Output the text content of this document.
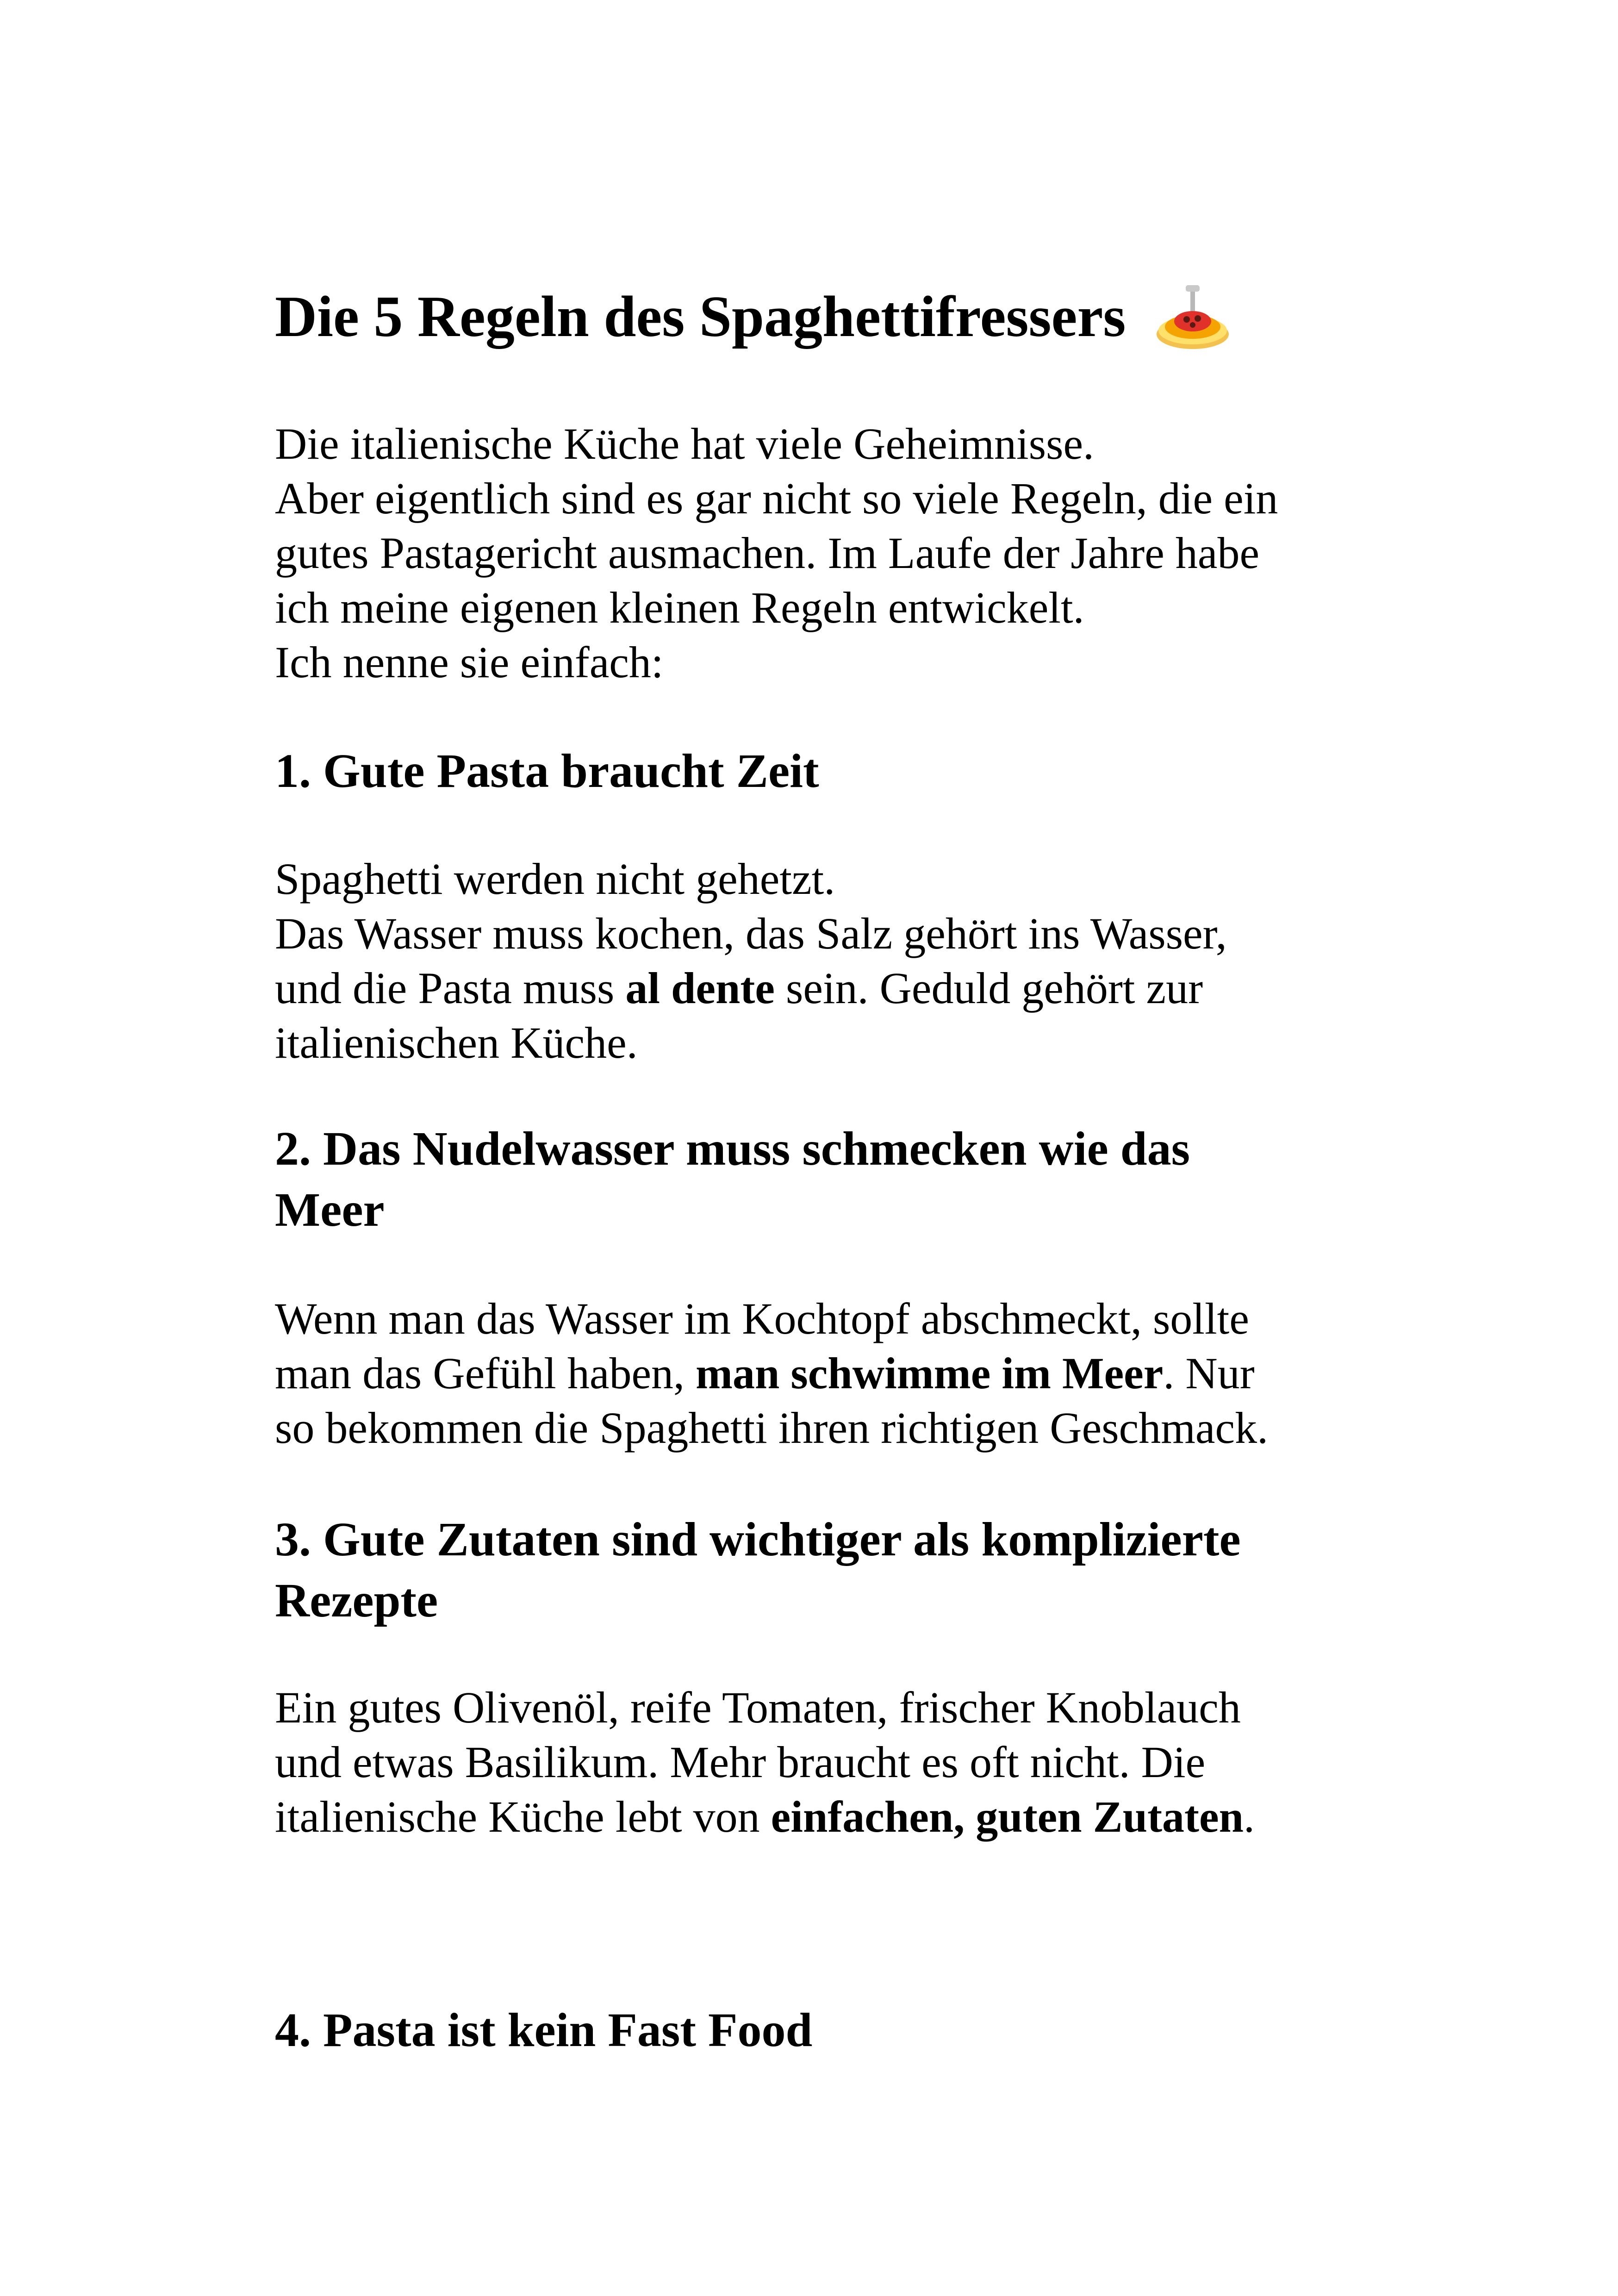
Die 5 Regeln des Spaghettifressers

Die italienische Küche hat viele Geheimnisse.
Aber eigentlich sind es gar nicht so viele Regeln, die ein
gutes Pastagericht ausmachen. Im Laufe der Jahre habe
ich meine eigenen kleinen Regeln entwickelt.
Ich nenne sie einfach:

1. Gute Pasta braucht Zeit

Spaghetti werden nicht gehetzt.
Das Wasser muss kochen, das Salz gehört ins Wasser,
und die Pasta muss al dente sein. Geduld gehört zur
italienischen Küche.

2. Das Nudelwasser muss schmecken wie das
Meer

Wenn man das Wasser im Kochtopf abschmeckt, sollte
man das Gefühl haben, man schwimme im Meer. Nur
so bekommen die Spaghetti ihren richtigen Geschmack.

3. Gute Zutaten sind wichtiger als komplizierte
Rezepte

Ein gutes Olivenöl, reife Tomaten, frischer Knoblauch
und etwas Basilikum. Mehr braucht es oft nicht. Die
italienische Küche lebt von einfachen, guten Zutaten.

4. Pasta ist kein Fast Food
